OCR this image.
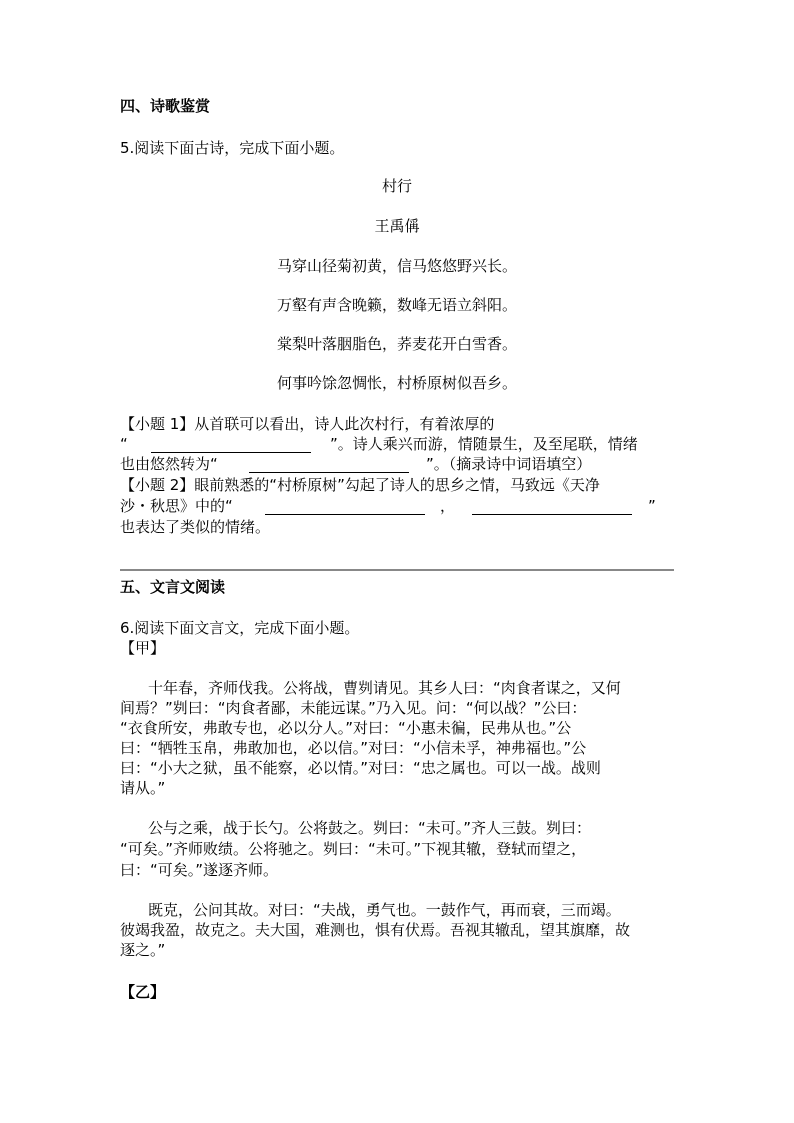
四、诗歌鉴赏
5.阅读下面古诗，完成下面小题。
村行
王禹偁
马穿山径菊初黄，信马悠悠野兴长。
万壑有声含晚籁，数峰无语立斜阳。
棠梨叶落胭脂色，荞麦花开白雪香。
何事吟馀忽惆怅，村桥原树似吾乡。
【小题 1】从首联可以看出，诗人此次村行，有着浓厚的
“	”。诗人乘兴而游，情随景生，及至尾联，情绪
也由悠然转为“	”。（摘录诗中词语填空）
【小题 2】眼前熟悉的“村桥原树”勾起了诗人的思乡之情，马致远《天净
沙・秋思》中的“	，	”
也表达了类似的情绪。
五、文言文阅读
6.阅读下面文言文，完成下面小题。
【甲】
十年春，齐师伐我。公将战，曹刿请见。其乡人曰：“肉食者谋之，又何
间焉？”刿曰：“肉食者鄙，未能远谋。”乃入见。问：“何以战？”公曰：
“衣食所安，弗敢专也，必以分人。”对曰：“小惠未徧，民弗从也。”公
曰：“牺牲玉帛，弗敢加也，必以信。”对曰：“小信未孚，神弗福也。”公
曰：“小大之狱，虽不能察，必以情。”对曰：“忠之属也。可以一战。战则
请从。”
公与之乘，战于长勺。公将鼓之。刿曰：“未可。”齐人三鼓。刿曰：
“可矣。”齐师败绩。公将驰之。刿曰：“未可。”下视其辙，登轼而望之，
曰：“可矣。”遂逐齐师。
既克，公问其故。对曰：“夫战，勇气也。一鼓作气，再而衰，三而竭。
彼竭我盈，故克之。夫大国，难测也，惧有伏焉。吾视其辙乱，望其旗靡，故
逐之。”
【乙】
